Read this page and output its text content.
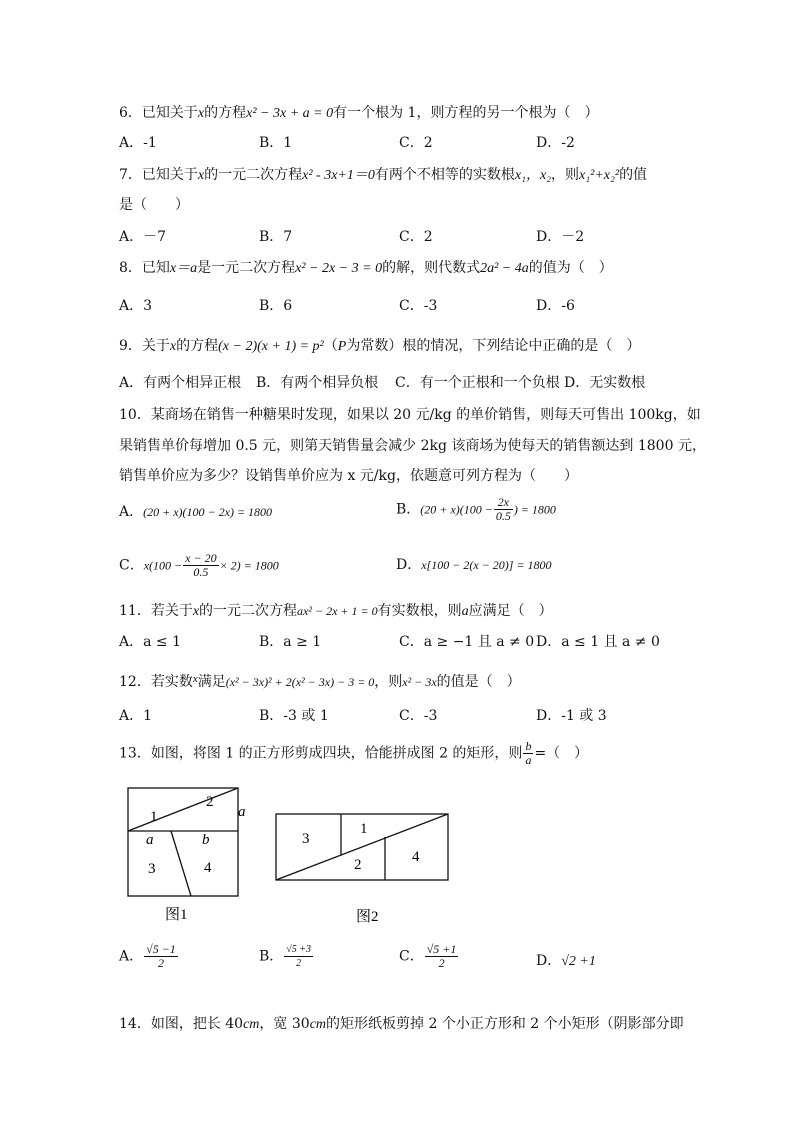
6．已知关于x的方程x² − 3x + a = 0有一个根为 1，则方程的另一个根为（　）
A．-1	B．1	C．2	D．-2
7．已知关于x的一元二次方程x² - 3x+1＝0有两个不相等的实数根x₁，x₂，则x₁²+x₂²的值
是（　　）
A．－7	B．7	C．2	D．－2
8．已知x＝a是一元二次方程x² − 2x − 3 = 0的解，则代数式2a² − 4a的值为（　）
A．3	B．6	C．-3	D．-6
9．关于x的方程(x − 2)(x + 1) = p²（P为常数）根的情况，下列结论中正确的是（　）
A．有两个相异正根 B．有两个相异负根 C．有一个正根和一个负根 D．无实数根
10．某商场在销售一种糖果时发现，如果以 20 元/kg 的单价销售，则每天可售出 100kg，如
果销售单价每增加 0.5 元，则第天销售量会减少 2kg 该商场为使每天的销售额达到 1800 元，
销售单价应为多少？设销售单价应为 x 元/kg，依题意可列方程为（　　）
A．(20 + x)(100 − 2x) = 1800	B．$(20 + x)(100 - \frac{2x}{0.5}$ ) = 1800
C．$x(100 - \frac{x - 20}{0.5} \times 2) = 1800$	D．x[100 − 2(x − 20)] = 1800
11．若关于x的一元二次方程ax² − 2x + 1 = 0有实数根，则a应满足（　）
A．a ≤ 1	B．a ≥ 1	C．a ≥ −1 且 a ≠ 0 D．a ≤ 1 且 a ≠ 0
12．若实数$^x$满足(x² − 3x)² + 2(x² − 3x) − 3 = 0，则x² − 3x的值是（　）
A．1	B．-3 或 1	C．-3	D．-1 或 3
13．如图，将图 1 的正方形剪成四块，恰能拼成图 2 的矩形，则 $\frac{b}{a}$ =（　）
1
2
a
a	b
3	4
图1
3
1
2	4
图2
A． $\frac{√5 -1}{2}$	B． $\frac{√5 +3}{2}$	C． $\frac{√5 +1}{2}$	D．√2 +1
14．如图，把长 40cm，宽 30cm的矩形纸板剪掉 2 个小正方形和 2 个小矩形（阴影部分即
